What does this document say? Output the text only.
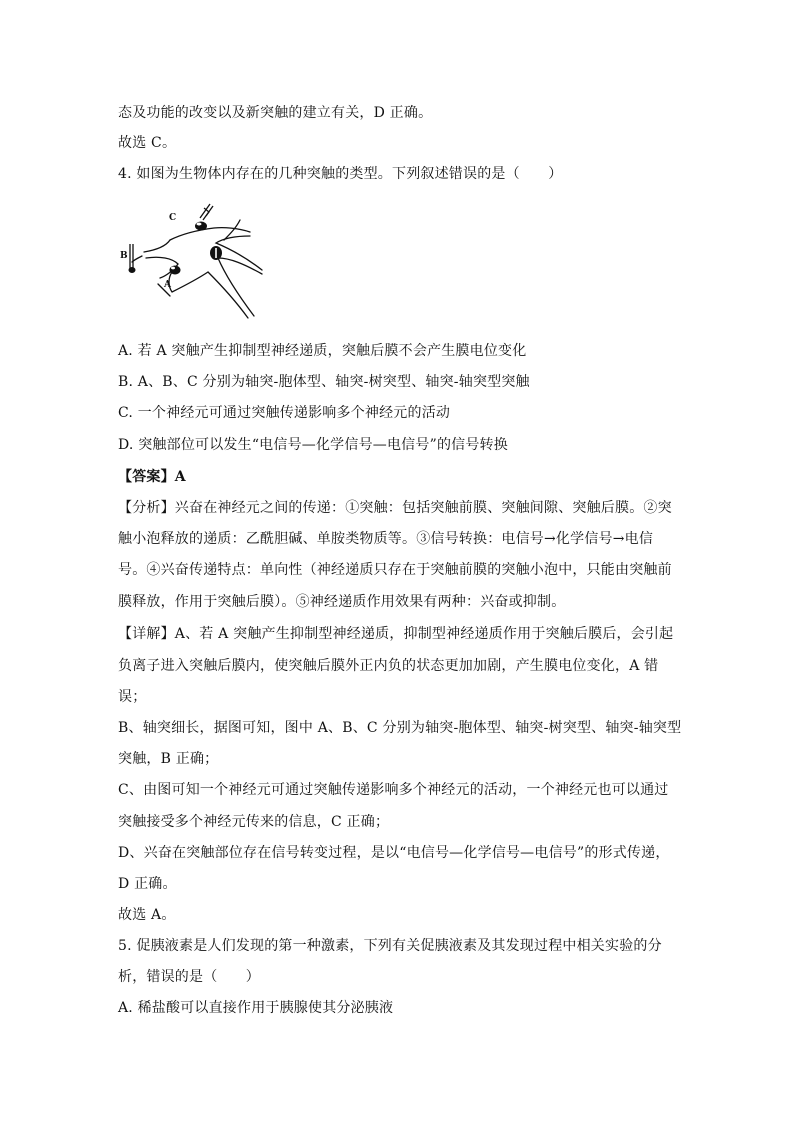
态及功能的改变以及新突触的建立有关，D 正确。
故选 C。
4. 如图为生物体内存在的几种突触的类型。下列叙述错误的是（　　）
C
B
A
A. 若 A 突触产生抑制型神经递质，突触后膜不会产生膜电位变化
B. A、B、C 分别为轴突-胞体型、轴突-树突型、轴突-轴突型突触
C. 一个神经元可通过突触传递影响多个神经元的活动
D. 突触部位可以发生“电信号—化学信号—电信号”的信号转换
【答案】A
【分析】兴奋在神经元之间的传递：①突触：包括突触前膜、突触间隙、突触后膜。②突
触小泡释放的递质：乙酰胆碱、单胺类物质等。③信号转换：电信号→化学信号→电信
号。④兴奋传递特点：单向性（神经递质只存在于突触前膜的突触小泡中，只能由突触前
膜释放，作用于突触后膜）。⑤神经递质作用效果有两种：兴奋或抑制。
【详解】A、若 A 突触产生抑制型神经递质，抑制型神经递质作用于突触后膜后，会引起
负离子进入突触后膜内，使突触后膜外正内负的状态更加加剧，产生膜电位变化，A 错
误；
B、轴突细长，据图可知，图中 A、B、C 分别为轴突-胞体型、轴突-树突型、轴突-轴突型
突触，B 正确；
C、由图可知一个神经元可通过突触传递影响多个神经元的活动，一个神经元也可以通过
突触接受多个神经元传来的信息，C 正确；
D、兴奋在突触部位存在信号转变过程，是以“电信号—化学信号—电信号”的形式传递，
D 正确。
故选 A。
5. 促胰液素是人们发现的第一种激素，下列有关促胰液素及其发现过程中相关实验的分
析，错误的是（　　）
A. 稀盐酸可以直接作用于胰腺使其分泌胰液
